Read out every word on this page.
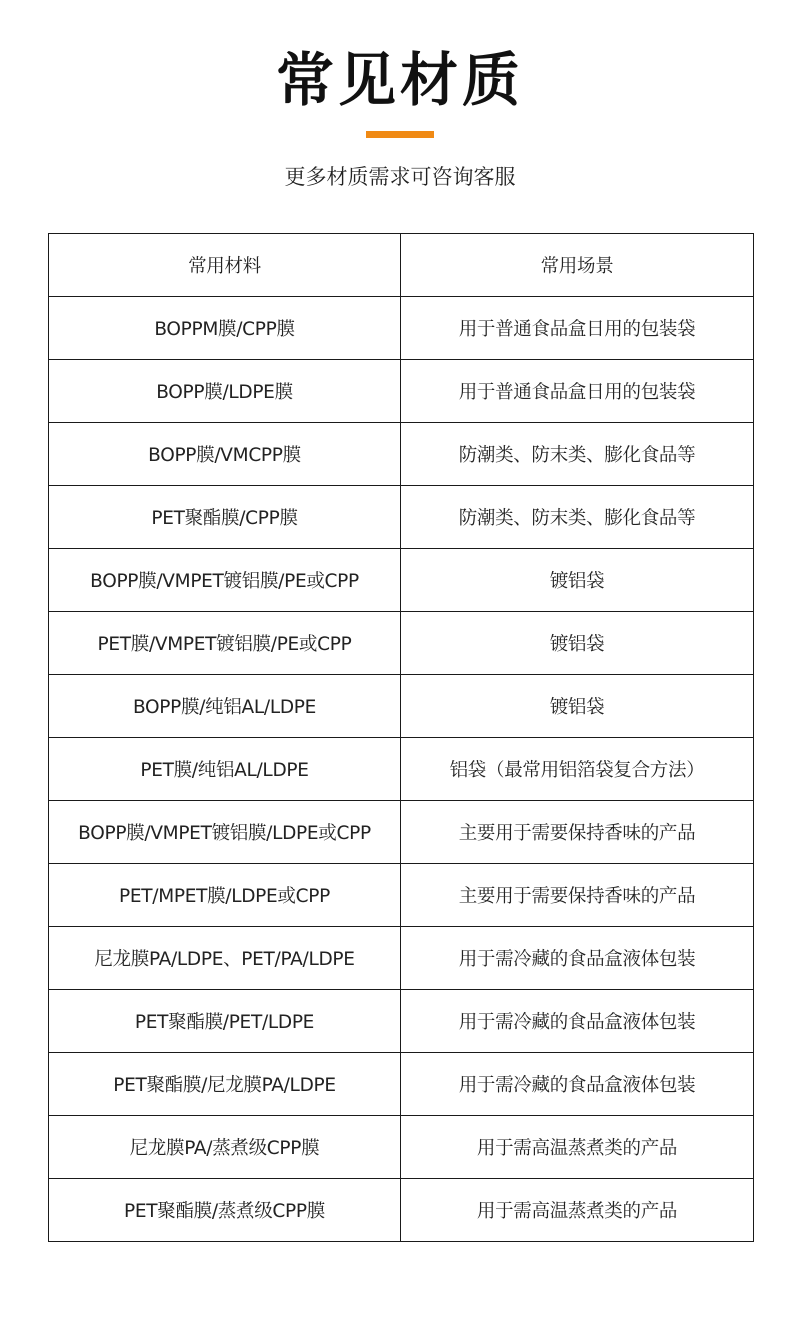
常见材质
更多材质需求可咨询客服
常用材料	常用场景
BOPPM膜/CPP膜	用于普通食品盒日用的包装袋
BOPP膜/LDPE膜	用于普通食品盒日用的包装袋
BOPP膜/VMCPP膜	防潮类、防末类、膨化食品等
PET聚酯膜/CPP膜	防潮类、防末类、膨化食品等
BOPP膜/VMPET镀铝膜/PE或CPP	镀铝袋
PET膜/VMPET镀铝膜/PE或CPP	镀铝袋
BOPP膜/纯铝AL/LDPE	镀铝袋
PET膜/纯铝AL/LDPE	铝袋（最常用铝箔袋复合方法）
BOPP膜/VMPET镀铝膜/LDPE或CPP	主要用于需要保持香味的产品
PET/MPET膜/LDPE或CPP	主要用于需要保持香味的产品
尼龙膜PA/LDPE、PET/PA/LDPE	用于需冷藏的食品盒液体包装
PET聚酯膜/PET/LDPE	用于需冷藏的食品盒液体包装
PET聚酯膜/尼龙膜PA/LDPE	用于需冷藏的食品盒液体包装
尼龙膜PA/蒸煮级CPP膜	用于需高温蒸煮类的产品
PET聚酯膜/蒸煮级CPP膜	用于需高温蒸煮类的产品
